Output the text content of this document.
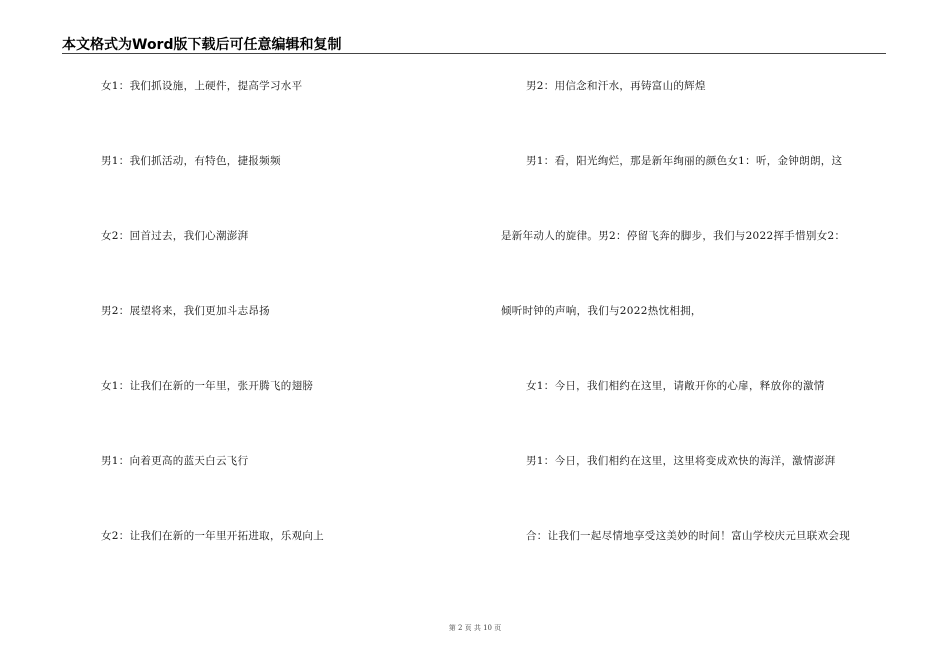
本文格式为Word版下载后可任意编辑和复制
女1：我们抓设施，上硬件，提高学习水平
男1：我们抓活动，有特色，捷报频频
女2：回首过去，我们心潮澎湃
男2：展望将来，我们更加斗志昂扬
女1：让我们在新的一年里，张开腾飞的翅膀
男1：向着更高的蓝天白云飞行
女2：让我们在新的一年里开拓进取，乐观向上
男2：用信念和汗水，再铸富山的辉煌
男1：看，阳光绚烂，那是新年绚丽的颜色女1：听，金钟朗朗，这
是新年动人的旋律。男2：停留飞奔的脚步，我们与2022挥手惜别女2：
倾听时钟的声响，我们与2022热忱相拥，
女1：今日，我们相约在这里，请敞开你的心扉，释放你的激情
男1：今日，我们相约在这里，这里将变成欢快的海洋，激情澎湃
合：让我们一起尽情地享受这美妙的时间！富山学校庆元旦联欢会现
第 2 页 共 10 页
